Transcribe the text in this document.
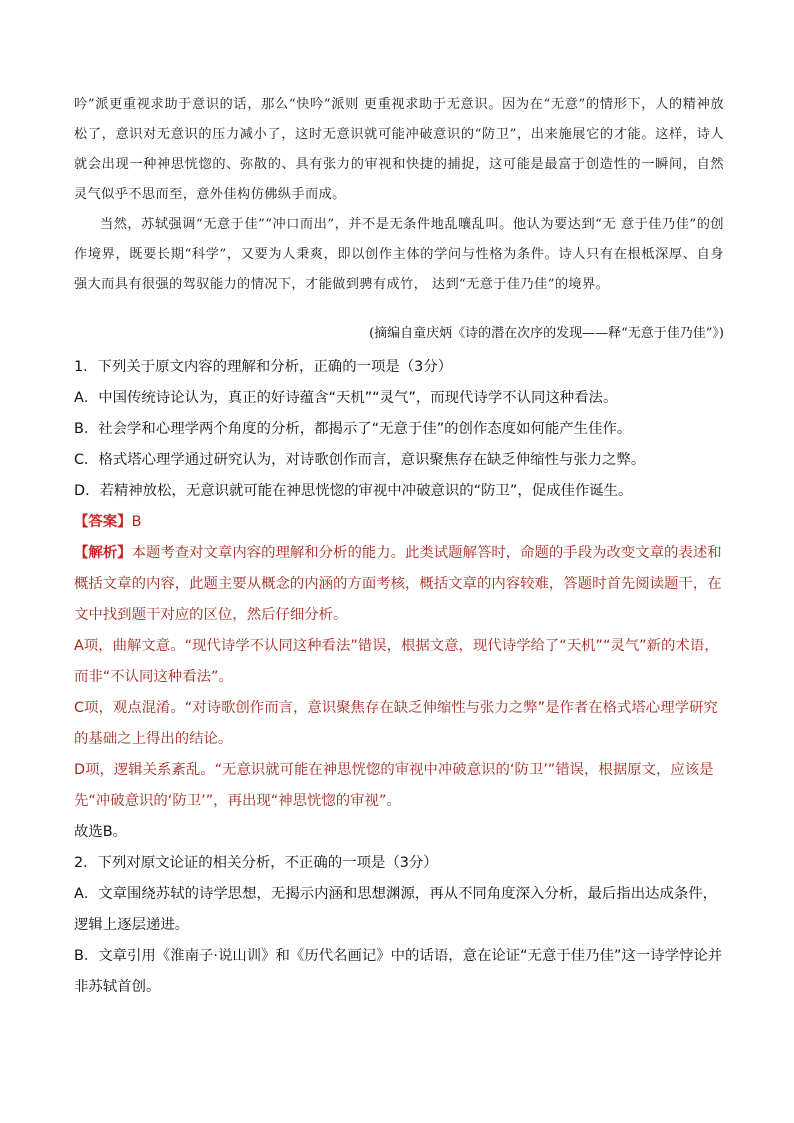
吟”派更重视求助于意识的话，那么“快吟”派则 更重视求助于无意识。因为在“无意”的情形下，人的精神放松了，意识对无意识的压力减小了，这时无意识就可能冲破意识的“防卫”，出来施展它的才能。这样，诗人就会出现一种神思恍惚的、弥散的、具有张力的审视和快捷的捕捉，这可能是最富于创造性的一瞬间，自然灵气似乎不思而至，意外佳构仿佛纵手而成。

当然，苏轼强调“无意于佳”“冲口而出”，并不是无条件地乱嚷乱叫。他认为要达到“无 意于佳乃佳”的创作境界，既要长期“科学”，又要为人秉爽，即以创作主体的学问与性格为条件。诗人只有在根柢深厚、自身强大而具有很强的驾驭能力的情况下，才能做到骋有成竹， 达到“无意于佳乃佳”的境界。

(摘编自童庆炳《诗的潜在次序的发现——释“无意于佳乃佳”》)

1．下列关于原文内容的理解和分析，正确的一项是（3分）

A．中国传统诗论认为，真正的好诗蕴含“天机”“灵气”，而现代诗学不认同这种看法。

B．社会学和心理学两个角度的分析，都揭示了“无意于佳”的创作态度如何能产生佳作。

C．格式塔心理学通过研究认为，对诗歌创作而言，意识聚焦存在缺乏伸缩性与张力之弊。

D．若精神放松，无意识就可能在神思恍惚的审视中冲破意识的“防卫”，促成佳作诞生。

【答案】B

【解析】本题考查对文章内容的理解和分析的能力。此类试题解答时，命题的手段为改变文章的表述和概括文章的内容，此题主要从概念的内涵的方面考核，概括文章的内容较难，答题时首先阅读题干，在文中找到题干对应的区位，然后仔细分析。

A项，曲解文意。“现代诗学不认同这种看法”错误，根据文意，现代诗学给了“天机”“灵气”新的术语，而非“不认同这种看法”。

C项，观点混淆。“对诗歌创作而言，意识聚焦存在缺乏伸缩性与张力之弊”是作者在格式塔心理学研究的基础之上得出的结论。

D项，逻辑关系紊乱。“无意识就可能在神思恍惚的审视中冲破意识的‘防卫’”错误，根据原文，应该是先“冲破意识的‘防卫’”，再出现“神思恍惚的审视”。

故选B。

2．下列对原文论证的相关分析，不正确的一项是（3分）

A．文章围绕苏轼的诗学思想，无揭示内涵和思想渊源，再从不同角度深入分析，最后指出达成条件，逻辑上逐层递进。

B．文章引用《淮南子·说山训》和《历代名画记》中的话语，意在论证“无意于佳乃佳”这一诗学悖论并非苏轼首创。
